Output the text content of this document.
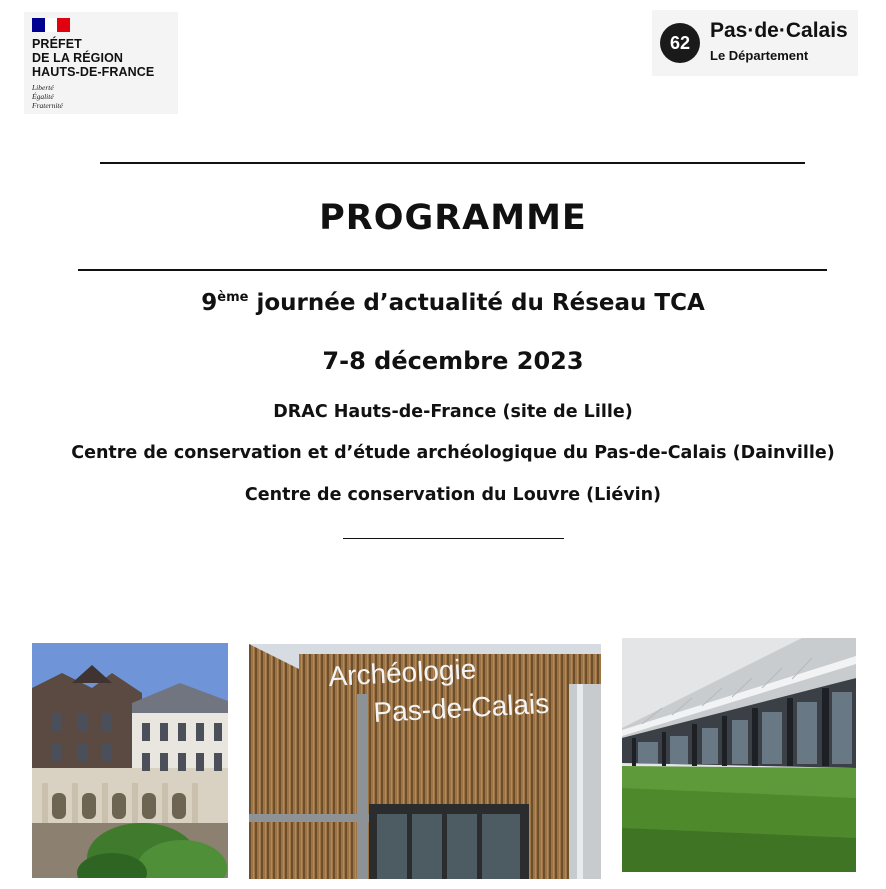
PRÉFET
DE LA RÉGION
HAUTS-DE-FRANCE
Liberté
Égalité
Fraternité
62
Pas·de·Calais
Le Département
PROGRAMME
9ème journée d’actualité du Réseau TCA
7-8 décembre 2023
DRAC Hauts-de-France (site de Lille)
Centre de conservation et d’étude archéologique du Pas-de-Calais (Dainville)
Centre de conservation du Louvre (Liévin)
Archéologie
Pas-de-Calais
